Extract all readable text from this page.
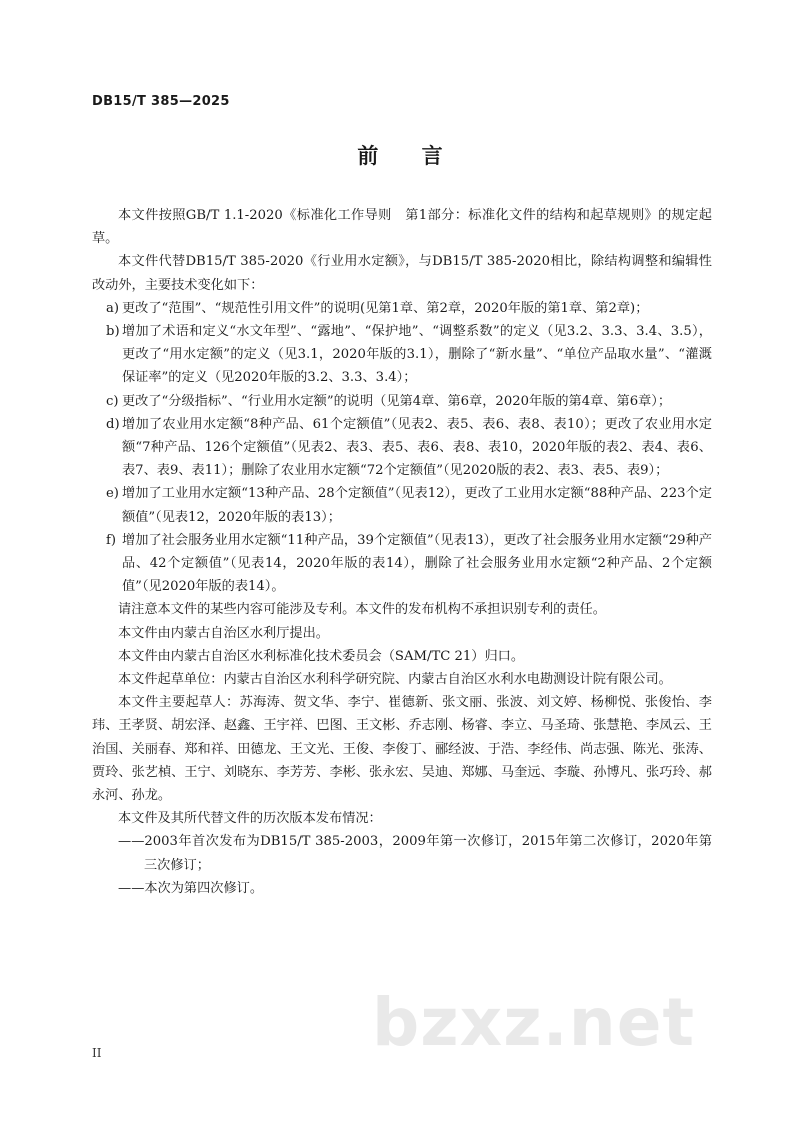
DB15/T 385—2025
前 言

本文件按照GB/T 1.1-2020《标准化工作导则　第1部分：标准化文件的结构和起草规则》的规定起草。

本文件代替DB15/T 385-2020《行业用水定额》，与DB15/T 385-2020相比，除结构调整和编辑性改动外，主要技术变化如下：

a) 更改了“范围”、“规范性引用文件”的说明(见第1章、第2章，2020年版的第1章、第2章)；

b) 增加了术语和定义“水文年型”、“露地”、“保护地”、“调整系数”的定义（见3.2、3.3、3.4、3.5），更改了“用水定额”的定义（见3.1，2020年版的3.1），删除了“新水量”、“单位产品取水量”、“灌溉保证率”的定义（见2020年版的3.2、3.3、3.4）；

c) 更改了“分级指标”、“行业用水定额”的说明（见第4章、第6章，2020年版的第4章、第6章）；

d) 增加了农业用水定额“8种产品、61个定额值”（见表2、表5、表6、表8、表10）；更改了农业用水定额“7种产品、126个定额值”（见表2、表3、表5、表6、表8、表10，2020年版的表2、表4、表6、表7、表9、表11）；删除了农业用水定额“72个定额值”（见2020版的表2、表3、表5、表9）；

e) 增加了工业用水定额“13种产品、28个定额值”（见表12），更改了工业用水定额“88种产品、223个定额值”（见表12，2020年版的表13）；

f) 增加了社会服务业用水定额“11种产品，39个定额值”（见表13），更改了社会服务业用水定额“29种产品、42个定额值”（见表14，2020年版的表14），删除了社会服务业用水定额“2种产品、2个定额值”（见2020年版的表14）。

请注意本文件的某些内容可能涉及专利。本文件的发布机构不承担识别专利的责任。

本文件由内蒙古自治区水利厅提出。

本文件由内蒙古自治区水利标准化技术委员会（SAM/TC 21）归口。

本文件起草单位：内蒙古自治区水利科学研究院、内蒙古自治区水利水电勘测设计院有限公司。

本文件主要起草人：苏海涛、贺文华、李宁、崔德新、张文丽、张波、刘文婷、杨柳悦、张俊怡、李玮、王孝贤、胡宏泽、赵鑫、王宇祥、巴图、王文彬、乔志刚、杨睿、李立、马圣琦、张慧艳、李凤云、王治国、关丽春、郑和祥、田德龙、王文光、王俊、李俊丁、郦经波、于浩、李经伟、尚志强、陈光、张涛、贾玲、张艺楨、王宁、刘晓东、李芳芳、李彬、张永宏、吴迪、郑娜、马奎远、李璇、孙博凡、张巧玲、郝永河、孙龙。

本文件及其所代替文件的历次版本发布情况：

——2003年首次发布为DB15/T 385-2003，2009年第一次修订，2015年第二次修订，2020年第三次修订；

——本次为第四次修订。

bzxz.net
II
